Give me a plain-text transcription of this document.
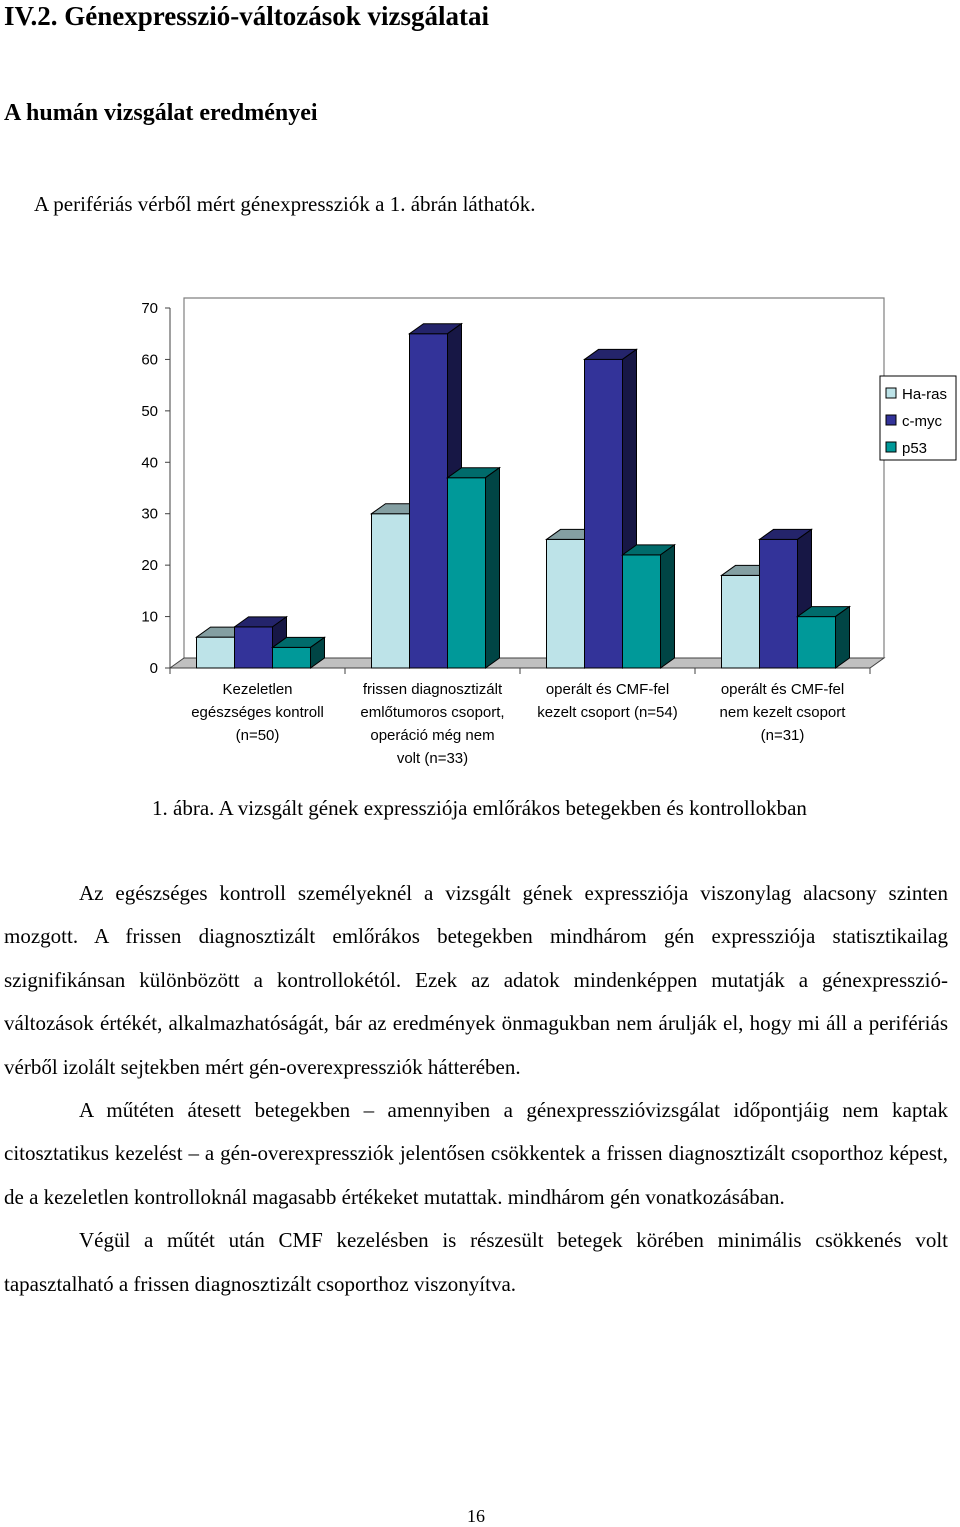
IV.2. Génexpresszió-változások vizsgálatai
A humán vizsgálat eredményei
A perifériás vérből mért génexpressziók a 1. ábrán láthatók.
0
10
20
30
40
50
60
70
Kezeletlen egészséges kontroll (n=50)
frissen diagnosztizált emlőtumoros csoport, operáció még nem volt (n=33)
operált és CMF-fel kezelt csoport (n=54)
operált és CMF-fel nem kezelt csoport (n=31)
Ha-ras
c-myc
p53
1. ábra. A vizsgált gének expressziója emlőrákos betegekben és kontrollokban

Az egészséges kontroll személyeknél a vizsgált gének expressziója viszonylag alacsony szinten mozgott. A frissen diagnosztizált emlőrákos betegekben mindhárom gén expressziója statisztikailag szignifikánsan különbözött a kontrollokétól. Ezek az adatok mindenképpen mutatják a génexpresszió-változások értékét, alkalmazhatóságát, bár az eredmények önmagukban nem árulják el, hogy mi áll a perifériás vérből izolált sejtekben mért gén-overexpressziók hátterében.

A műtéten átesett betegekben – amennyiben a génexpresszióvizsgálat időpontjáig nem kaptak citosztatikus kezelést – a gén-overexpressziók jelentősen csökkentek a frissen diagnosztizált csoporthoz képest, de a kezeletlen kontrolloknál magasabb értékeket mutattak. mindhárom gén vonatkozásában.

Végül a műtét után CMF kezelésben is részesült betegek körében minimális csökkenés volt tapasztalható a frissen diagnosztizált csoporthoz viszonyítva.

16
